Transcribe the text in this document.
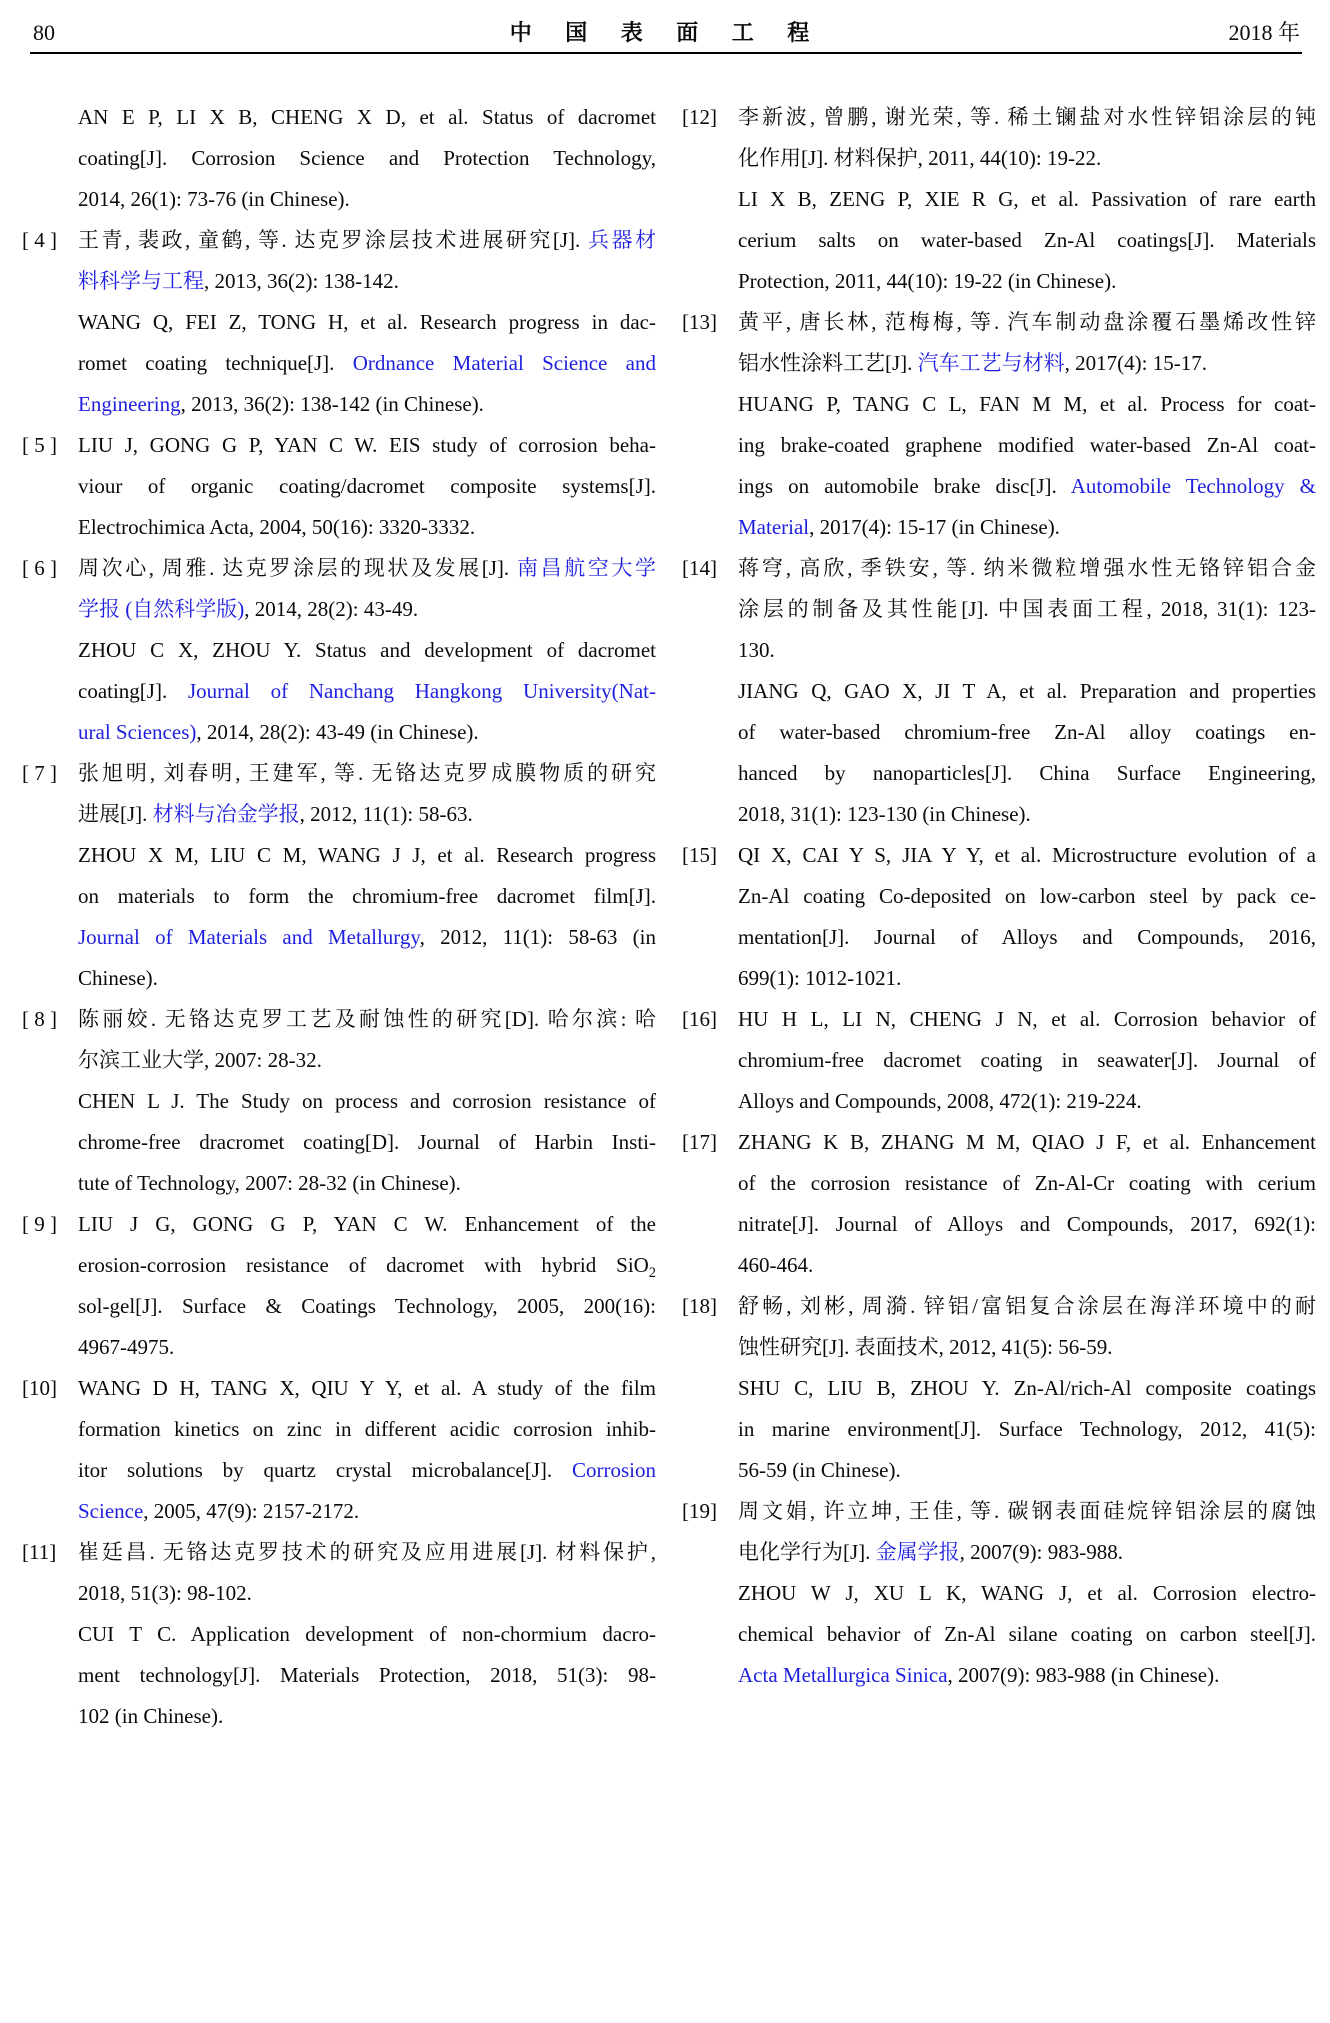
80	中 国 表 面 工 程	2018 年
AN E P, LI X B, CHENG X D, et al. Status of dacromet
coating[J]. Corrosion Science and Protection Technology,
2014, 26(1): 73-76 (in Chinese).
[ 4 ] 王青, 裴政, 童鹤, 等. 达克罗涂层技术进展研究[J]. 兵器材
料科学与工程, 2013, 36(2): 138-142.
WANG Q, FEI Z, TONG H, et al. Research progress in dac-
romet coating technique[J]. Ordnance Material Science and
Engineering, 2013, 36(2): 138-142 (in Chinese).
[ 5 ] LIU J, GONG G P, YAN C W. EIS study of corrosion beha-
viour of organic coating/dacromet composite systems[J].
Electrochimica Acta, 2004, 50(16): 3320-3332.
[ 6 ] 周次心, 周雅. 达克罗涂层的现状及发展[J]. 南昌航空大学
学报 (自然科学版), 2014, 28(2): 43-49.
ZHOU C X, ZHOU Y. Status and development of dacromet
coating[J]. Journal of Nanchang Hangkong University(Nat-
ural Sciences), 2014, 28(2): 43-49 (in Chinese).
[ 7 ] 张旭明, 刘春明, 王建军, 等. 无铬达克罗成膜物质的研究
进展[J]. 材料与冶金学报, 2012, 11(1): 58-63.
ZHOU X M, LIU C M, WANG J J, et al. Research progress
on materials to form the chromium-free dacromet film[J].
Journal of Materials and Metallurgy, 2012, 11(1): 58-63 (in
Chinese).
[ 8 ] 陈丽姣. 无铬达克罗工艺及耐蚀性的研究[D]. 哈尔滨: 哈
尔滨工业大学, 2007: 28-32.
CHEN L J. The Study on process and corrosion resistance of
chrome-free dracromet coating[D]. Journal of Harbin Insti-
tute of Technology, 2007: 28-32 (in Chinese).
[ 9 ] LIU J G, GONG G P, YAN C W. Enhancement of the
erosion-corrosion resistance of dacromet with hybrid SiO$_2$
sol-gel[J]. Surface & Coatings Technology, 2005, 200(16):
4967-4975.
[10] WANG D H, TANG X, QIU Y Y, et al. A study of the film
formation kinetics on zinc in different acidic corrosion inhib-
itor solutions by quartz crystal microbalance[J]. Corrosion
Science, 2005, 47(9): 2157-2172.
[11] 崔廷昌. 无铬达克罗技术的研究及应用进展[J]. 材料保护,
2018, 51(3): 98-102.
CUI T C. Application development of non-chormium dacro-
ment technology[J]. Materials Protection, 2018, 51(3): 98-
102 (in Chinese).
[12] 李新波, 曾鹏, 谢光荣, 等. 稀土镧盐对水性锌铝涂层的钝
化作用[J]. 材料保护, 2011, 44(10): 19-22.
LI X B, ZENG P, XIE R G, et al. Passivation of rare earth
cerium salts on water-based Zn-Al coatings[J]. Materials
Protection, 2011, 44(10): 19-22 (in Chinese).
[13] 黄平, 唐长林, 范梅梅, 等. 汽车制动盘涂覆石墨烯改性锌
铝水性涂料工艺[J]. 汽车工艺与材料, 2017(4): 15-17.
HUANG P, TANG C L, FAN M M, et al. Process for coat-
ing brake-coated graphene modified water-based Zn-Al coat-
ings on automobile brake disc[J]. Automobile Technology &
Material, 2017(4): 15-17 (in Chinese).
[14] 蒋穹, 高欣, 季铁安, 等. 纳米微粒增强水性无铬锌铝合金
涂层的制备及其性能[J]. 中国表面工程, 2018, 31(1): 123-
130.
JIANG Q, GAO X, JI T A, et al. Preparation and properties
of water-based chromium-free Zn-Al alloy coatings en-
hanced by nanoparticles[J]. China Surface Engineering,
2018, 31(1): 123-130 (in Chinese).
[15] QI X, CAI Y S, JIA Y Y, et al. Microstructure evolution of a
Zn-Al coating Co-deposited on low-carbon steel by pack ce-
mentation[J]. Journal of Alloys and Compounds, 2016,
699(1): 1012-1021.
[16] HU H L, LI N, CHENG J N, et al. Corrosion behavior of
chromium-free dacromet coating in seawater[J]. Journal of
Alloys and Compounds, 2008, 472(1): 219-224.
[17] ZHANG K B, ZHANG M M, QIAO J F, et al. Enhancement
of the corrosion resistance of Zn-Al-Cr coating with cerium
nitrate[J]. Journal of Alloys and Compounds, 2017, 692(1):
460-464.
[18] 舒畅, 刘彬, 周漪. 锌铝/富铝复合涂层在海洋环境中的耐
蚀性研究[J]. 表面技术, 2012, 41(5): 56-59.
SHU C, LIU B, ZHOU Y. Zn-Al/rich-Al composite coatings
in marine environment[J]. Surface Technology, 2012, 41(5):
56-59 (in Chinese).
[19] 周文娟, 许立坤, 王佳, 等. 碳钢表面硅烷锌铝涂层的腐蚀
电化学行为[J]. 金属学报, 2007(9): 983-988.
ZHOU W J, XU L K, WANG J, et al. Corrosion electro-
chemical behavior of Zn-Al silane coating on carbon steel[J].
Acta Metallurgica Sinica, 2007(9): 983-988 (in Chinese).
